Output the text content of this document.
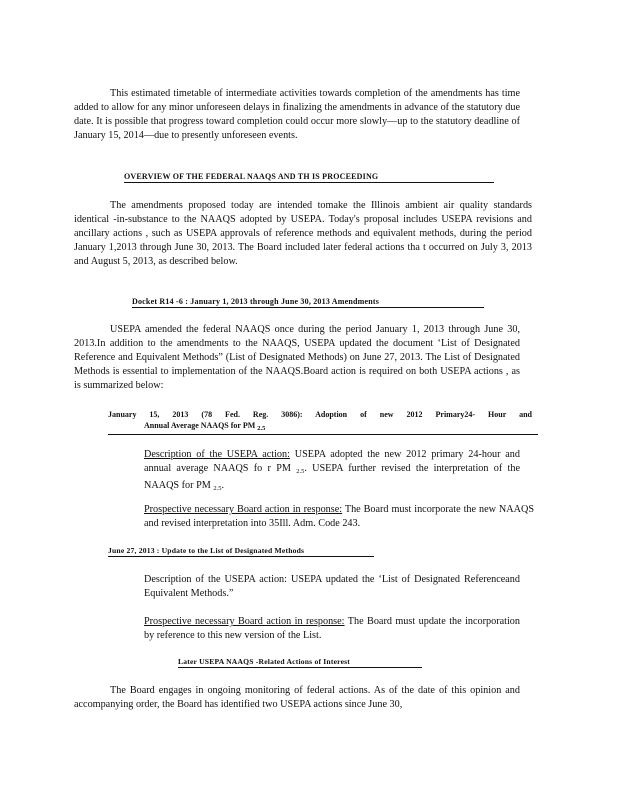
This estimated timetable of intermediate activities towards completion of the amendments has time added to allow for any minor unforeseen delays in finalizing the amendments in advance of the statutory due date. It is possible that progress toward completion could occur more slowly—up to the statutory deadline of January 15, 2014—due to presently unforeseen events.

OVERVIEW OF THE FEDERAL NAAQS AND TH IS PROCEEDING

The amendments proposed today are intended tomake the Illinois ambient air quality standards identical -in-substance to the NAAQS adopted by USEPA. Today's proposal includes USEPA revisions and ancillary actions , such as USEPA approvals of reference methods and equivalent methods, during the period January 1,2013 through June 30, 2013. The Board included later federal actions tha t occurred on July 3, 2013 and August 5, 2013, as described below.

Docket R14 -6 : January 1, 2013 through June 30, 2013 Amendments

USEPA amended the federal NAAQS once during the period January 1, 2013 through June 30, 2013.In addition to the amendments to the NAAQS, USEPA updated the document ‘List of Designated Reference and Equivalent Methods” (List of Designated Methods) on June 27, 2013. The List of Designated Methods is essential to implementation of the NAAQS.Board action is required on both USEPA actions , as is summarized below:

January 15, 2013 (78 Fed. Reg. 3086): Adoption of new 2012 Primary24- Hour and
Annual Average NAAQS for PM $_{2.5}$

Description of the USEPA action: USEPA adopted the new 2012 primary 24-hour and annual average NAAQS fo r PM $_{2.5}$. USEPA further revised the interpretation of the NAAQS for PM $_{2.5}$.

Prospective necessary Board action in response: The Board must incorporate the new NAAQS and revised interpretation into 35Ill. Adm. Code 243.

June 27, 2013 : Update to the List of Designated Methods

Description of the USEPA action: USEPA updated the ‘List of Designated Referenceand Equivalent Methods.”

Prospective necessary Board action in response: The Board must update the incorporation by reference to this new version of the List.

Later USEPA NAAQS -Related Actions of Interest

The Board engages in ongoing monitoring of federal actions. As of the date of this opinion and accompanying order, the Board has identified two USEPA actions since June 30,
